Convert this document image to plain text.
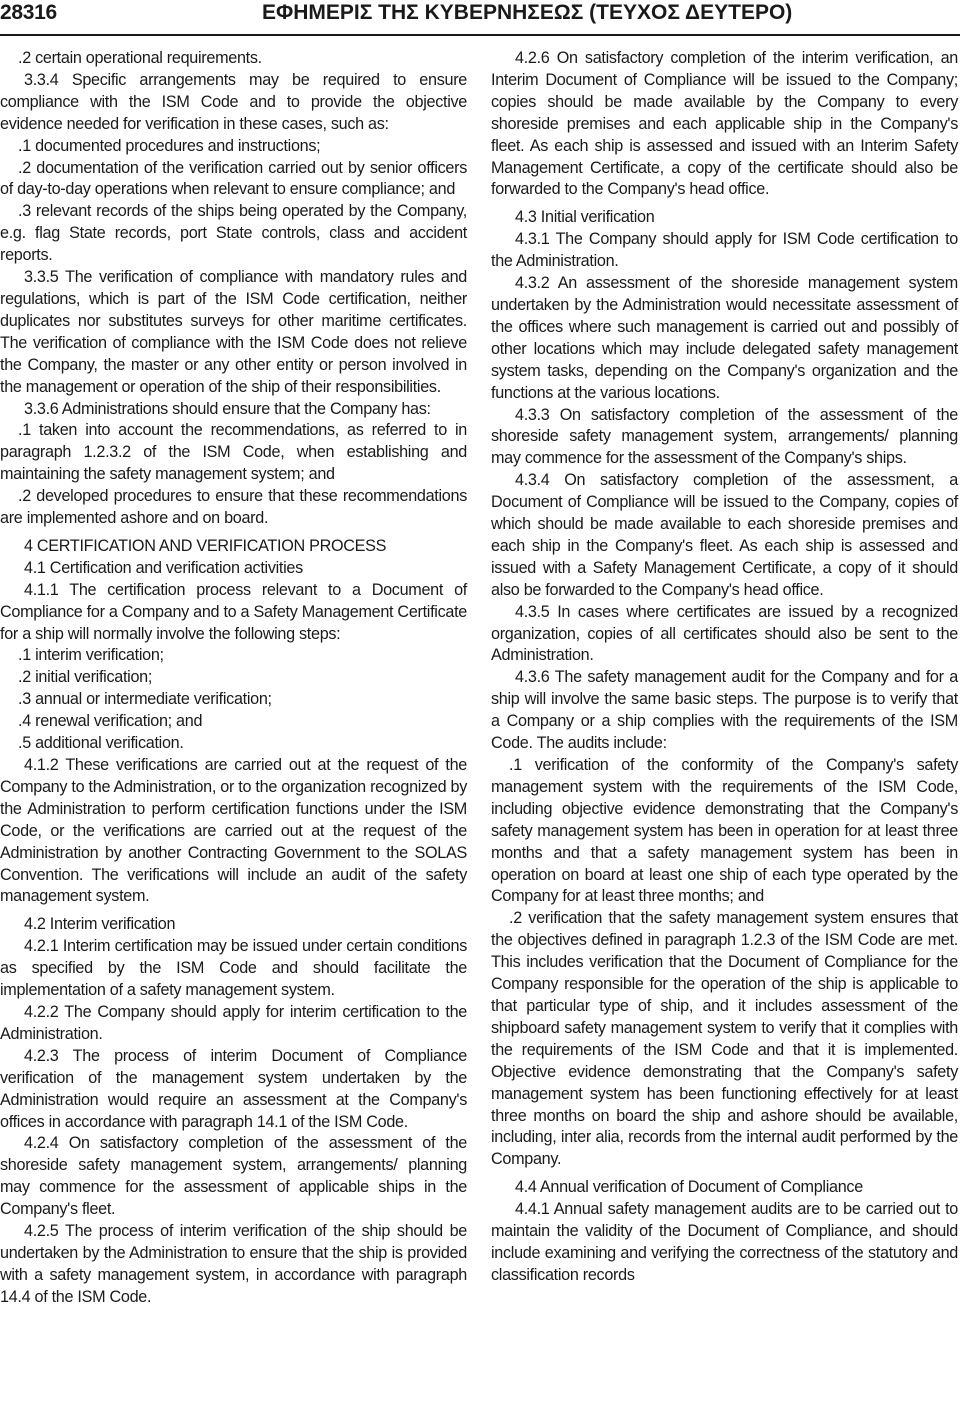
28316	ΕΦΗΜΕΡΙΣ ΤΗΣ ΚΥΒΕΡΝΗΣΕΩΣ (ΤΕΥΧΟΣ ΔΕΥΤΕΡΟ)

.2 certain operational requirements.

3.3.4 Specific arrangements may be required to ensure compliance with the ISM Code and to provide the objective evidence needed for verification in these cases, such as:

.1 documented procedures and instructions;

.2 documentation of the verification carried out by senior officers of day-to-day operations when relevant to ensure compliance; and

.3 relevant records of the ships being operated by the Company, e.g. flag State records, port State controls, class and accident reports.

3.3.5 The verification of compliance with mandatory rules and regulations, which is part of the ISM Code certification, neither duplicates nor substitutes surveys for other maritime certificates. The verification of compliance with the ISM Code does not relieve the Company, the master or any other entity or person involved in the management or operation of the ship of their responsibilities.

3.3.6 Administrations should ensure that the Company has:

.1 taken into account the recommendations, as referred to in paragraph 1.2.3.2 of the ISM Code, when establishing and maintaining the safety management system; and

.2 developed procedures to ensure that these recommendations are implemented ashore and on board.

4 CERTIFICATION AND VERIFICATION PROCESS

4.1 Certification and verification activities

4.1.1 The certification process relevant to a Document of Compliance for a Company and to a Safety Management Certificate for a ship will normally involve the following steps:

.1 interim verification;

.2 initial verification;

.3 annual or intermediate verification;

.4 renewal verification; and

.5 additional verification.

4.1.2 These verifications are carried out at the request of the Company to the Administration, or to the organization recognized by the Administration to perform certification functions under the ISM Code, or the verifications are carried out at the request of the Administration by another Contracting Government to the SOLAS Convention. The verifications will include an audit of the safety management system.

4.2 Interim verification

4.2.1 Interim certification may be issued under certain conditions as specified by the ISM Code and should facilitate the implementation of a safety management system.

4.2.2 The Company should apply for interim certification to the Administration.

4.2.3 The process of interim Document of Compliance verification of the management system undertaken by the Administration would require an assessment at the Company's offices in accordance with paragraph 14.1 of the ISM Code.

4.2.4 On satisfactory completion of the assessment of the shoreside safety management system, arrangements/ planning may commence for the assessment of applicable ships in the Company's fleet.

4.2.5 The process of interim verification of the ship should be undertaken by the Administration to ensure that the ship is provided with a safety management system, in accordance with paragraph 14.4 of the ISM Code.

4.2.6 On satisfactory completion of the interim verification, an Interim Document of Compliance will be issued to the Company; copies should be made available by the Company to every shoreside premises and each applicable ship in the Company's fleet. As each ship is assessed and issued with an Interim Safety Management Certificate, a copy of the certificate should also be forwarded to the Company's head office.

4.3 Initial verification

4.3.1 The Company should apply for ISM Code certification to the Administration.

4.3.2 An assessment of the shoreside management system undertaken by the Administration would necessitate assessment of the offices where such management is carried out and possibly of other locations which may include delegated safety management system tasks, depending on the Company's organization and the functions at the various locations.

4.3.3 On satisfactory completion of the assessment of the shoreside safety management system, arrangements/ planning may commence for the assessment of the Company's ships.

4.3.4 On satisfactory completion of the assessment, a Document of Compliance will be issued to the Company, copies of which should be made available to each shoreside premises and each ship in the Company's fleet. As each ship is assessed and issued with a Safety Management Certificate, a copy of it should also be forwarded to the Company's head office.

4.3.5 In cases where certificates are issued by a recognized organization, copies of all certificates should also be sent to the Administration.

4.3.6 The safety management audit for the Company and for a ship will involve the same basic steps. The purpose is to verify that a Company or a ship complies with the requirements of the ISM Code. The audits include:

.1 verification of the conformity of the Company's safety management system with the requirements of the ISM Code, including objective evidence demonstrating that the Company's safety management system has been in operation for at least three months and that a safety management system has been in operation on board at least one ship of each type operated by the Company for at least three months; and

.2 verification that the safety management system ensures that the objectives defined in paragraph 1.2.3 of the ISM Code are met. This includes verification that the Document of Compliance for the Company responsible for the operation of the ship is applicable to that particular type of ship, and it includes assessment of the shipboard safety management system to verify that it complies with the requirements of the ISM Code and that it is implemented. Objective evidence demonstrating that the Company's safety management system has been functioning effectively for at least three months on board the ship and ashore should be available, including, inter alia, records from the internal audit performed by the Company.

4.4 Annual verification of Document of Compliance

4.4.1 Annual safety management audits are to be carried out to maintain the validity of the Document of Compliance, and should include examining and verifying the correctness of the statutory and classification records
